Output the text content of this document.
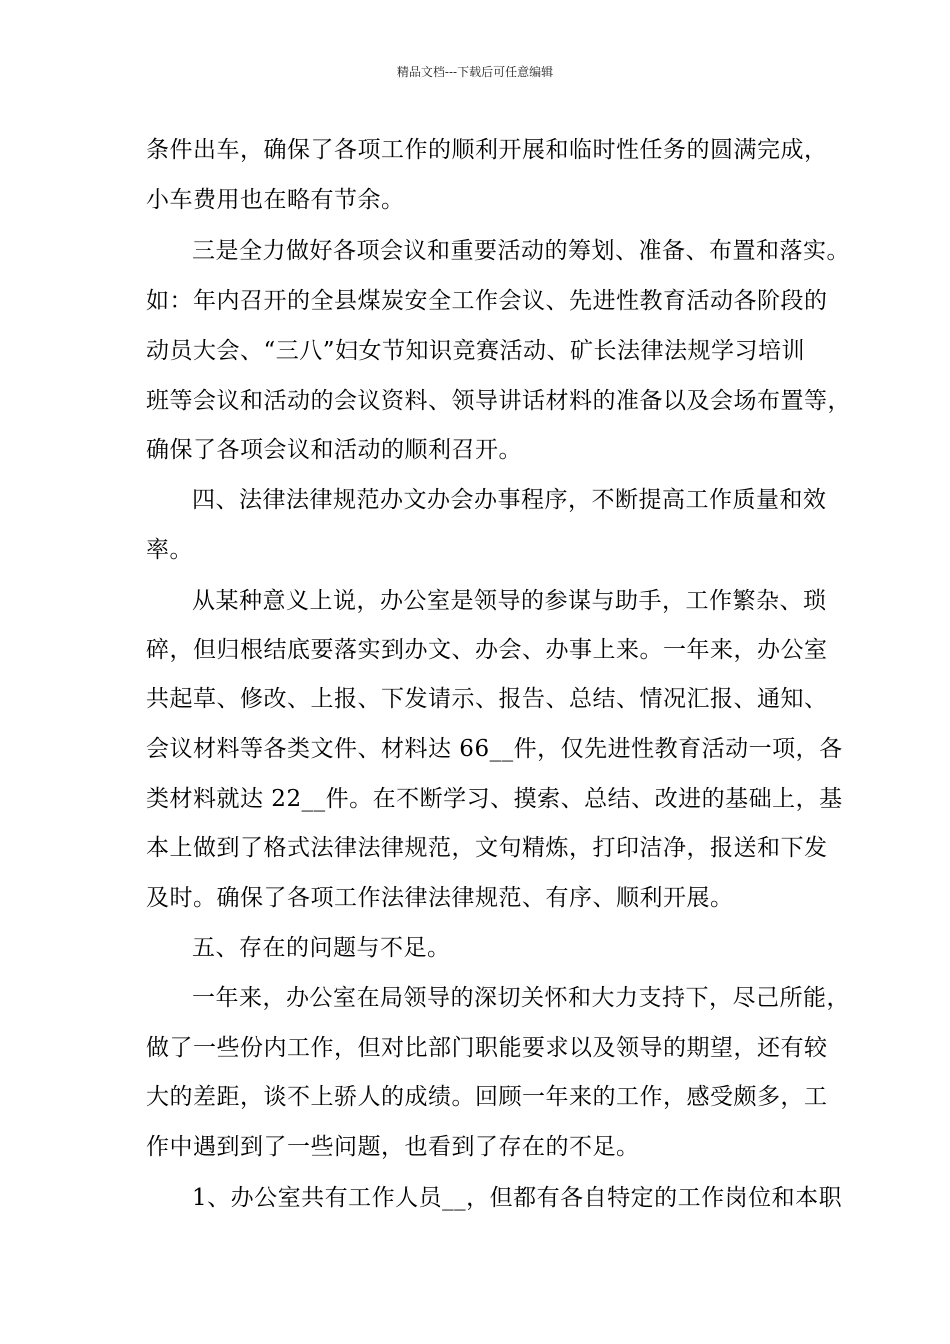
精品文档---下载后可任意编辑
条件出车，确保了各项工作的顺利开展和临时性任务的圆满完成，
小车费用也在略有节余。
三是全力做好各项会议和重要活动的筹划、准备、布置和落实。
如：年内召开的全县煤炭安全工作会议、先进性教育活动各阶段的
动员大会、“三八”妇女节知识竞赛活动、矿长法律法规学习培训
班等会议和活动的会议资料、领导讲话材料的准备以及会场布置等，
确保了各项会议和活动的顺利召开。
四、法律法律规范办文办会办事程序，不断提高工作质量和效
率。
从某种意义上说，办公室是领导的参谋与助手，工作繁杂、琐
碎，但归根结底要落实到办文、办会、办事上来。一年来，办公室
共起草、修改、上报、下发请示、报告、总结、情况汇报、通知、
会议材料等各类文件、材料达 66__件，仅先进性教育活动一项，各
类材料就达 22__件。在不断学习、摸索、总结、改进的基础上，基
本上做到了格式法律法律规范，文句精炼，打印洁净，报送和下发
及时。确保了各项工作法律法律规范、有序、顺利开展。
五、存在的问题与不足。
一年来，办公室在局领导的深切关怀和大力支持下，尽己所能，
做了一些份内工作，但对比部门职能要求以及领导的期望，还有较
大的差距，谈不上骄人的成绩。回顾一年来的工作，感受颇多，工
作中遇到到了一些问题，也看到了存在的不足。
1、办公室共有工作人员__，但都有各自特定的工作岗位和本职
